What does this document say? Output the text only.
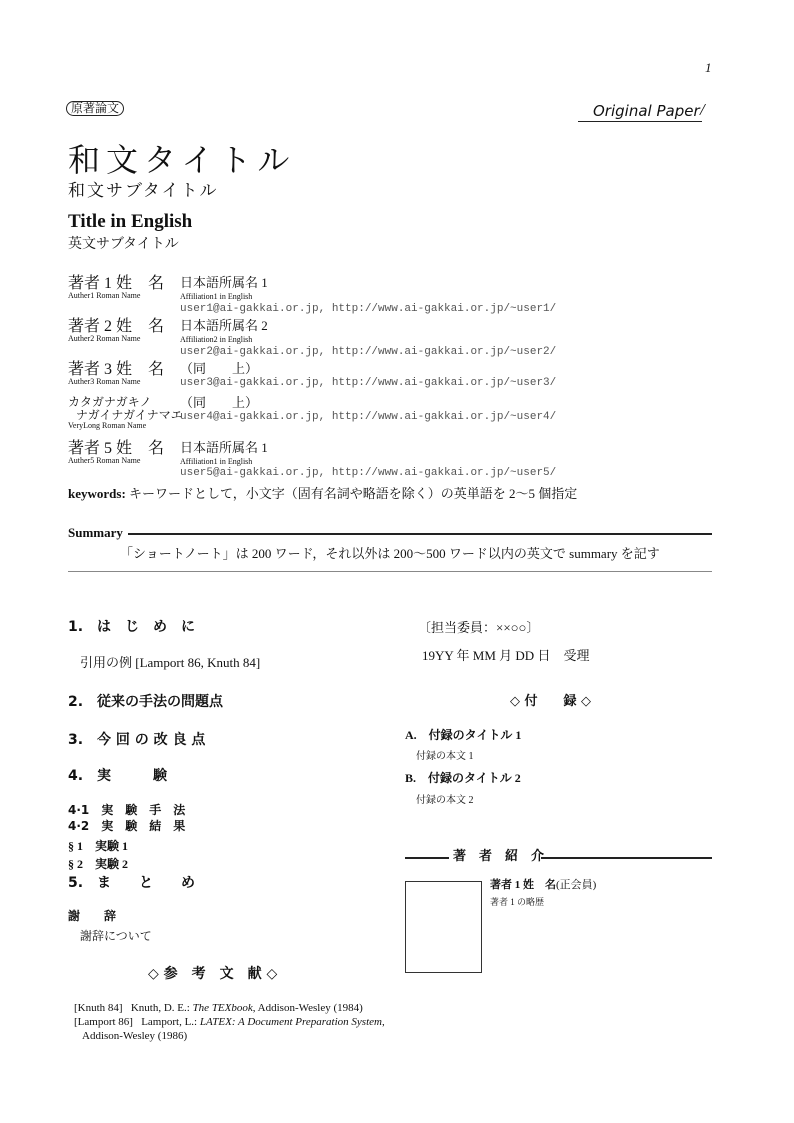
1
原著論文	Original Paper /
和文タイトル
和文サブタイトル
Title in English
英文サブタイトル
著者 1 姓　名
Auther1 Roman Name
日本語所属名 1
Affiliation1 in English
user1@ai-gakkai.or.jp, http://www.ai-gakkai.or.jp/~user1/
著者 2 姓　名
Auther2 Roman Name
日本語所属名 2
Affiliation2 in English
user2@ai-gakkai.or.jp, http://www.ai-gakkai.or.jp/~user2/
著者 3 姓　名
Auther3 Roman Name
（同　　上）
user3@ai-gakkai.or.jp, http://www.ai-gakkai.or.jp/~user3/
カタガナガキノ
ナガイナガイナマエ
VeryLong Roman Name
（同　　上）
user4@ai-gakkai.or.jp, http://www.ai-gakkai.or.jp/~user4/
著者 5 姓　名
Auther5 Roman Name
日本語所属名 1
Affiliation1 in English
user5@ai-gakkai.or.jp, http://www.ai-gakkai.or.jp/~user5/
keywords: キーワードとして，小文字（固有名詞や略語を除く）の英単語を 2〜5 個指定
Summary
「ショートノート」は 200 ワード，それ以外は 200〜500 ワード以内の英文で summary を記す
1.　は　じ　め　に
引用の例 [Lamport 86, Knuth 84]
2.　従来の手法の問題点
3.　今 回 の 改 良 点
4.　実　　　験
4·1　実　験　手　法
4·2　実　験　結　果
§ 1　実験 1
§ 2　実験 2
5.　ま　　と　　め
謝　　辞
謝辞について
◇ 参　考　文　献 ◇
[Knuth 84] Knuth, D. E.: The TEXbook, Addison-Wesley (1984)
[Lamport 86] Lamport, L.: LATEX: A Document Preparation System,
Addison-Wesley (1986)
〔担当委員：××○○〕
19YY 年 MM 月 DD 日　受理
◇ 付　　録 ◇
A.　付録のタイトル 1
付録の本文 1
B.　付録のタイトル 2
付録の本文 2
著　者　紹　介
著者 1 姓　名(正会員)
著者 1 の略歴
